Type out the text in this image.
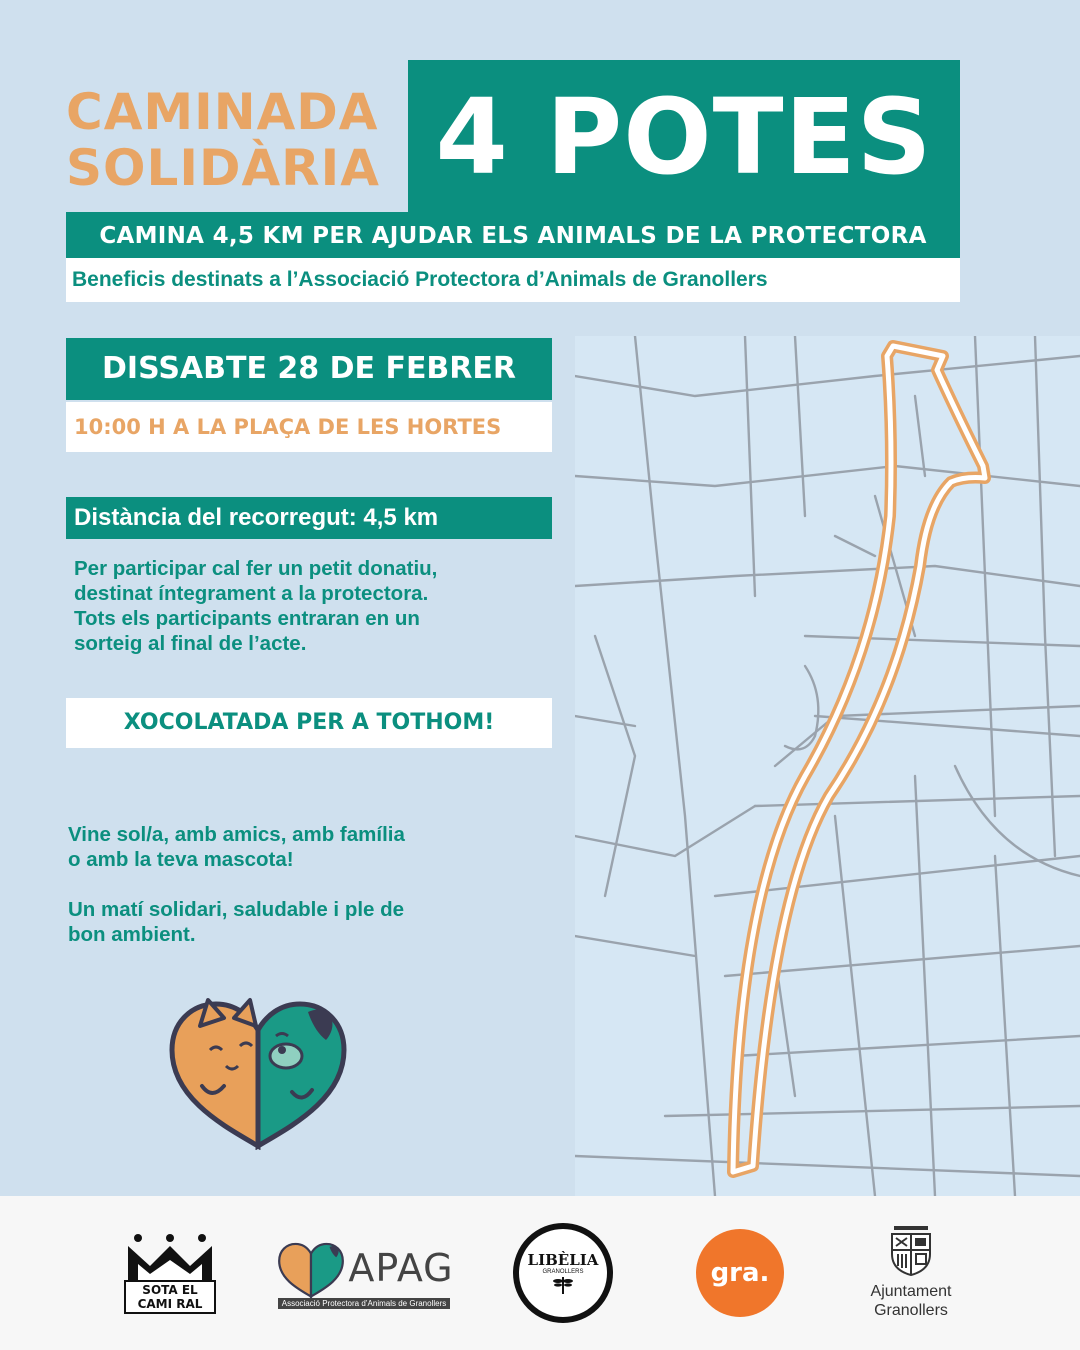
CAMINADA
SOLIDÀRIA 4 POTES
CAMINA 4,5 KM PER AJUDAR ELS ANIMALS DE LA PROTECTORA
Beneficis destinats a l’Associació Protectora d’Animals de Granollers
DISSABTE 28 DE FEBRER
10:00 H A LA PLAÇA DE LES HORTES
Distància del recorregut: 4,5 km
Per participar cal fer un petit donatiu,
destinat íntegrament a la protectora.
Tots els participants entraran en un
sorteig al final de l’acte.
XOCOLATADA PER A TOTHOM!

Vine sol/a, amb amics, amb família
o amb la teva mascota!

Un matí solidari, saludable i ple de
bon ambient.

SOTA EL
CAMI RAL
APAG
Associació Protectora d’Animals de Granollers
LIBÈLIA
GRANOLLERS	gra.
Ajuntament
Granollers
